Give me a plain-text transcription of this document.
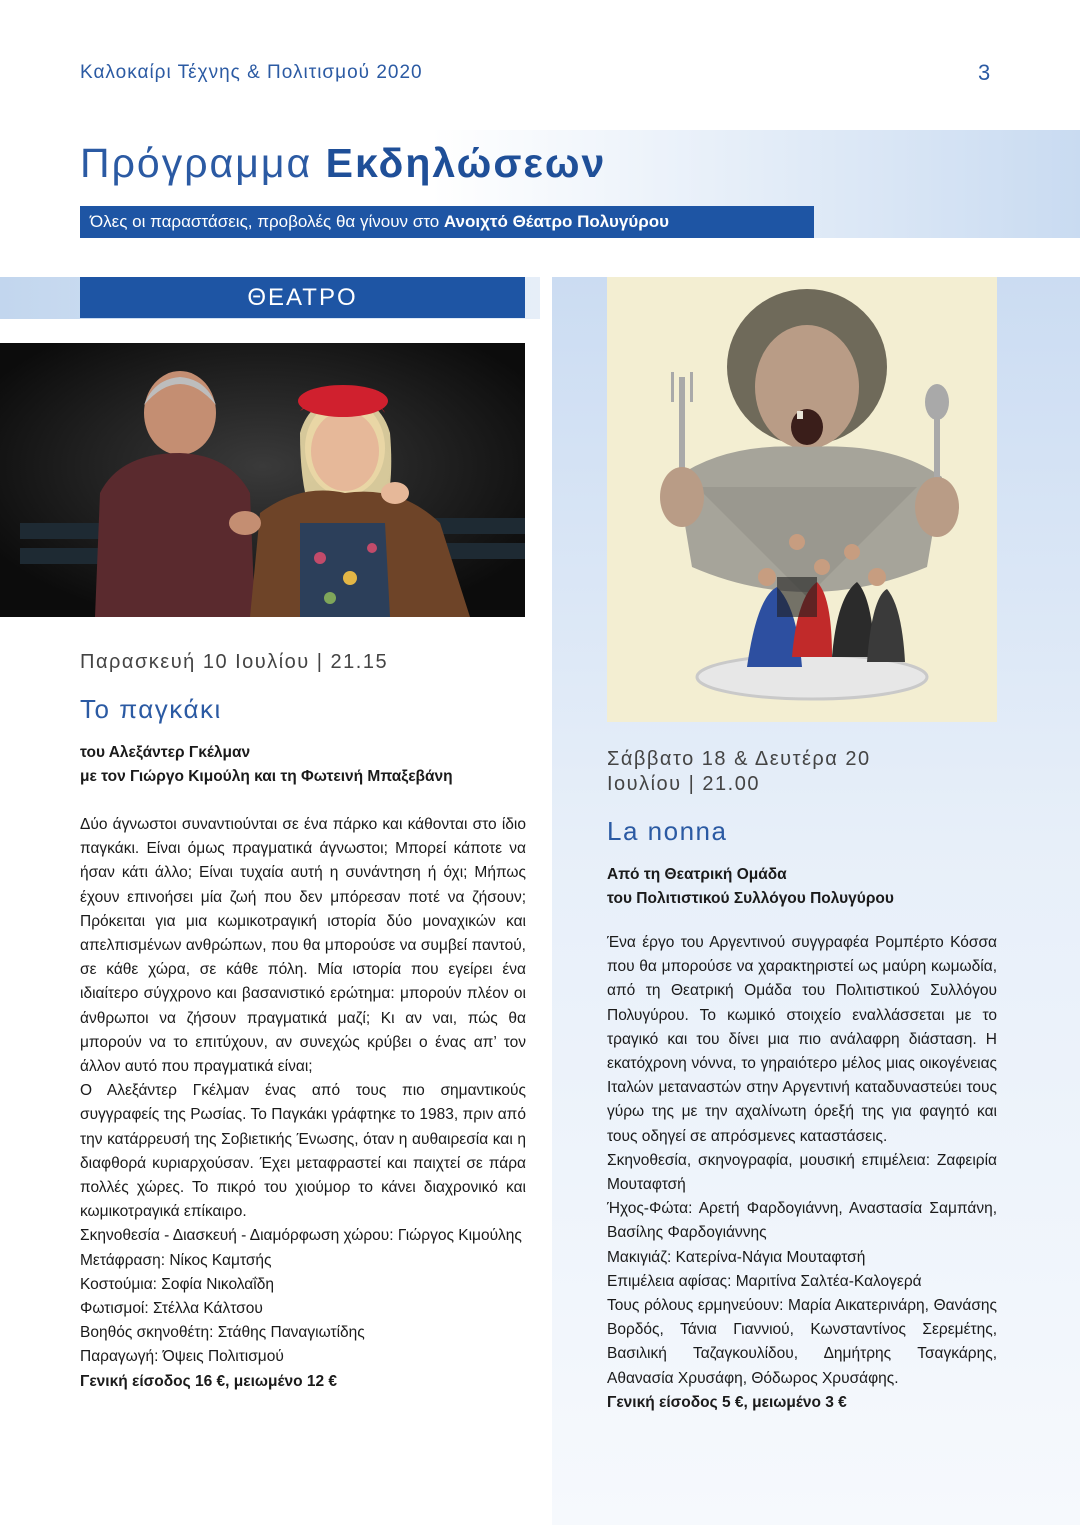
Καλοκαίρι Τέχνης & Πολιτισμού 2020	3
Πρόγραμμα Εκδηλώσεων
Όλες οι παραστάσεις, προβολές θα γίνουν στο Ανοιχτό Θέατρο Πολυγύρου
ΘΕΑΤΡΟ
Παρασκευή 10 Ιουλίου | 21.15
Το παγκάκι
του Αλεξάντερ Γκέλμαν
με τον Γιώργο Κιμούλη και τη Φωτεινή Μπαξεβάνη

Δύο άγνωστοι συναντιούνται σε ένα πάρκο και κάθονται στο ίδιο παγκάκι. Είναι όμως πραγματικά άγνωστοι; Μπορεί κάποτε να ήσαν κάτι άλλο; Είναι τυχαία αυτή η συνάντηση ή όχι; Μήπως έχουν επινοήσει μία ζωή που δεν μπόρεσαν ποτέ να ζήσουν; Πρόκειται για μια κωμικοτραγική ιστορία δύο μοναχικών και απελπισμένων ανθρώπων, που θα μπορούσε να συμβεί παντού, σε κάθε χώρα, σε κάθε πόλη. Μία ιστορία που εγείρει ένα ιδιαίτερο σύγχρονο και βασανιστικό ερώτημα: μπορούν πλέον οι άνθρωποι να ζήσουν πραγματικά μαζί; Κι αν ναι, πώς θα μπορούν να το επιτύχουν, αν συνεχώς κρύβει ο ένας απ’ τον άλλον αυτό που πραγματικά είναι;

Ο Αλεξάντερ Γκέλμαν ένας από τους πιο σημαντικούς συγγραφείς της Ρωσίας. Το Παγκάκι γράφτηκε το 1983, πριν από την κατάρρευσή της Σοβιετικής Ένωσης, όταν η αυθαιρεσία και η διαφθορά κυριαρχούσαν. Έχει μεταφραστεί και παιχτεί σε πάρα πολλές χώρες. Το πικρό του χιούμορ το κάνει διαχρονικό και κωμικοτραγικά επίκαιρο.

Σκηνοθεσία - Διασκευή - Διαμόρφωση χώρου: Γιώργος Κιμούλης

Μετάφραση: Νίκος Καμτσής

Κοστούμια: Σοφία Νικολαΐδη

Φωτισμοί: Στέλλα Κάλτσου

Βοηθός σκηνοθέτη: Στάθης Παναγιωτίδης

Παραγωγή: Όψεις Πολιτισμού

Γενική είσοδος 16 €, μειωμένο 12 €

Σάββατο 18 & Δευτέρα 20
Ιουλίου | 21.00
La nonna
Από τη Θεατρική Ομάδα
του Πολιτιστικού Συλλόγου Πολυγύρου

Ένα έργο του Αργεντινού συγγραφέα Ρομπέρτο Κόσσα που θα μπορούσε να χαρακτηριστεί ως μαύρη κωμωδία, από τη Θεατρική Ομάδα του Πολιτιστικού Συλλόγου Πολυγύρου. Το κωμικό στοιχείο εναλλάσσεται με το τραγικό και του δίνει μια πιο ανάλαφρη διάσταση. Η εκατόχρονη νόννα, το γηραιότερο μέλος μιας οικογένειας Ιταλών μεταναστών στην Αργεντινή καταδυναστεύει τους γύρω της με την αχαλίνωτη όρεξή της για φαγητό και τους οδηγεί σε απρόσμενες καταστάσεις.

Σκηνοθεσία, σκηνογραφία, μουσική επιμέλεια: Ζαφειρία Μουταφτσή

Ήχος-Φώτα: Αρετή Φαρδογιάννη, Αναστασία Σαμπάνη, Βασίλης Φαρδογιάννης

Μακιγιάζ: Κατερίνα-Νάγια Μουταφτσή

Επιμέλεια αφίσας: Μαριτίνα Σαλτέα-Καλογερά

Τους ρόλους ερμηνεύουν: Μαρία Αικατερινάρη, Θανάσης Βορδός, Τάνια Γιαννιού, Κωνσταντίνος Σερεμέτης, Βασιλική Ταζαγκουλίδου, Δημήτρης Τσαγκάρης, Αθανασία Χρυσάφη, Θόδωρος Χρυσάφης.

Γενική είσοδος 5 €, μειωμένο 3 €
